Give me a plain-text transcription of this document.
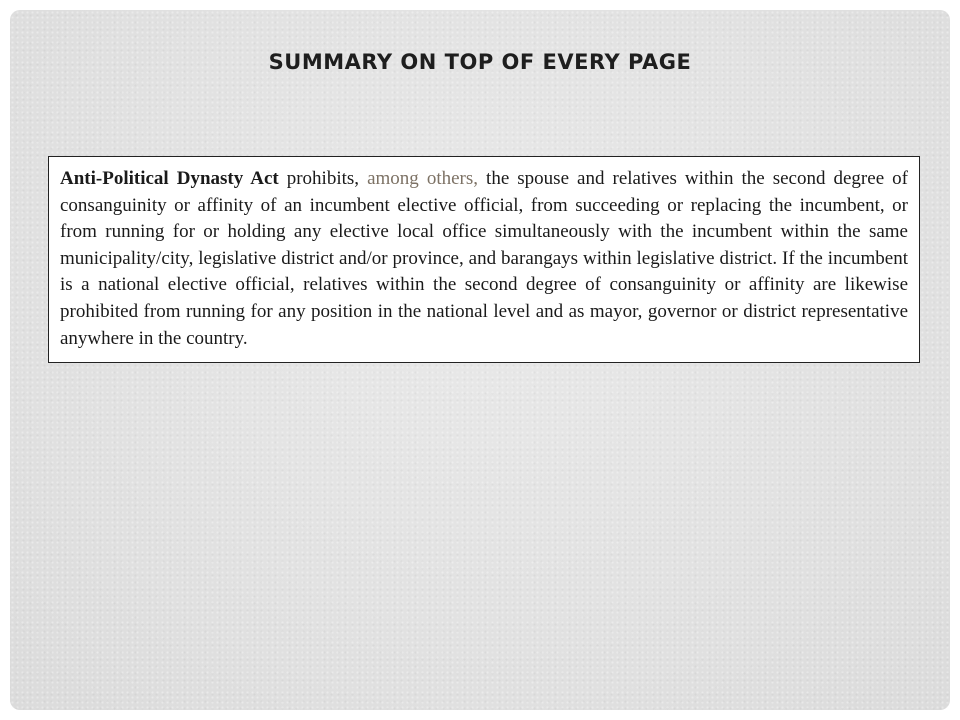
SUMMARY ON TOP OF EVERY PAGE
Anti-Political Dynasty Act prohibits, among others, the spouse and relatives within the second degree of consanguinity or affinity of an incumbent elective official, from succeeding or replacing the incumbent, or from running for or holding any elective local office simultaneously with the incumbent within the same municipality/city, legislative district and/or province, and barangays within legislative district. If the incumbent is a national elective official, relatives within the second degree of consanguinity or affinity are likewise prohibited from running for any position in the national level and as mayor, governor or district representative anywhere in the country.
